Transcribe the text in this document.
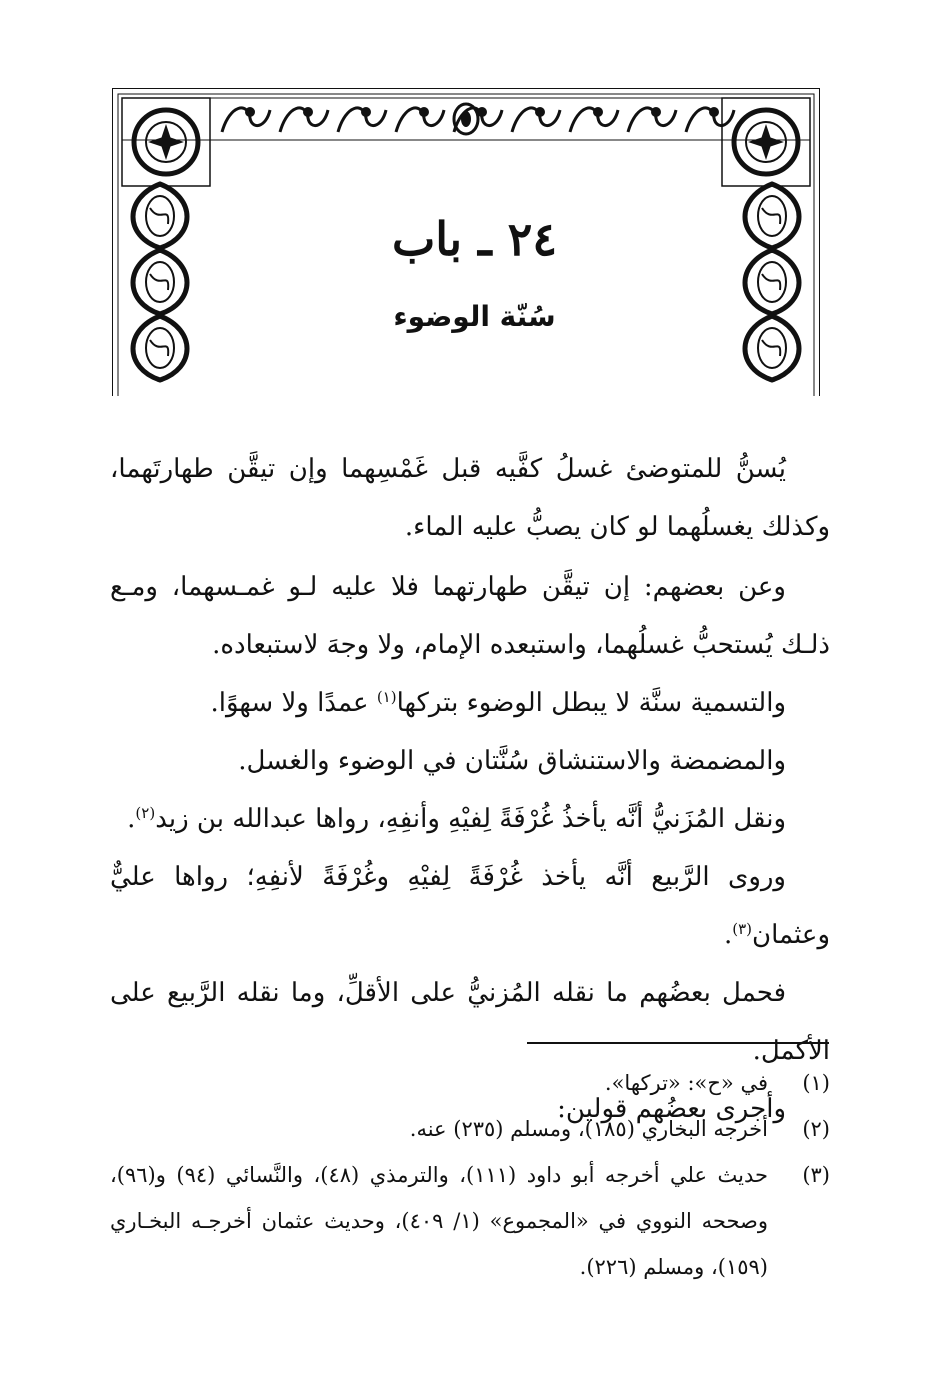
٢٤ ـ باب
سُنّة الوضوء

يُسنُّ للمتوضئ غسلُ كفَّيه قبل غَمْسِهما وإن تيقَّن طهارتَهما، وكذلك يغسلُهما لو كان يصبُّ عليه الماء.

وعن بعضهم: إن تيقَّن طهارتهما فلا عليه لـو غمـسهما، ومـع ذلـك يُستحبُّ غسلُهما، واستبعده الإمام، ولا وجهَ لاستبعاده.

والتسمية سنَّة لا يبطل الوضوء بتركها$^{(١)}$ عمدًا ولا سهوًا.

والمضمضة والاستنشاق سُنَّتان في الوضوء والغسل.

ونقل المُزَنيُّ أنَّه يأخذُ غُرْفَةً لِفيْهِ وأنفِهِ، رواها عبدالله بن زيد$^{(٢)}$.

وروى الرَّبيع أنَّه يأخذ غُرْفَةً لِفيْهِ وغُرْفَةً لأنفِهِ؛ رواها عليٌّ وعثمان$^{(٣)}$.

فحمل بعضُهم ما نقله المُزنيُّ على الأقلِّ، وما نقله الرَّبيع على الأكمل.

وأجرى بعضُهم قولين:

(١)
في «ح»: «تركها».
(٢)
أخرجه البخاري (١٨٥)، ومسلم (٢٣٥) عنه.
(٣)
حديث علي أخرجه أبو داود (١١١)، والترمذي (٤٨)، والنَّسائي (٩٤) و(٩٦)، وصححه النووي في «المجموع» (١/ ٤٠٩)، وحديث عثمان أخرجـه البخـاري (١٥٩)، ومسلم (٢٢٦).
